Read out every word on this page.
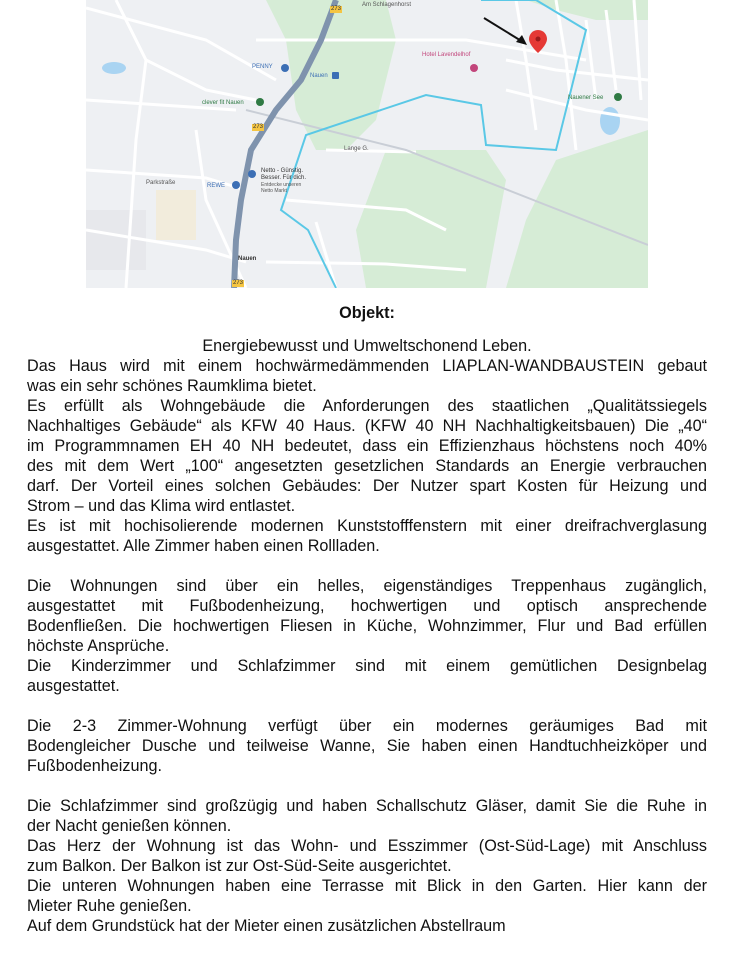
Am Schlagenhorst
PENNY
Nauen
clever fit Nauen
Netto - Günstig.
Besser. Für dich.
Entdecke unseren
Netto Markt
REWE
Hotel Lavendelhof
Nauener See
Nauen
Parkstraße
Lange G.
273
273
273
Objekt:
Energiebewusst und Umweltschonend Leben.
Das Haus wird mit einem hochwärmedämmenden LIAPLAN-WANDBAUSTEIN gebaut
was ein sehr schönes Raumklima bietet.
Es erfüllt als Wohngebäude die Anforderungen des staatlichen „Qualitätssiegels
Nachhaltiges Gebäude“ als KFW 40 Haus. (KFW 40 NH Nachhaltigkeitsbauen) Die „40“
im Programmnamen EH 40 NH bedeutet, dass ein Effizienzhaus höchstens noch 40%
des mit dem Wert „100“ angesetzten gesetzlichen Standards an Energie verbrauchen
darf. Der Vorteil eines solchen Gebäudes: Der Nutzer spart Kosten für Heizung und
Strom – und das Klima wird entlastet.
Es ist mit hochisolierende modernen Kunststofffenstern mit einer dreifrachverglasung
ausgestattet. Alle Zimmer haben einen Rollladen.
Die Wohnungen sind über ein helles, eigenständiges Treppenhaus zugänglich,
ausgestattet mit Fußbodenheizung, hochwertigen und optisch ansprechende
Bodenfließen. Die hochwertigen Fliesen in Küche, Wohnzimmer, Flur und Bad erfüllen
höchste Ansprüche.
Die Kinderzimmer und Schlafzimmer sind mit einem gemütlichen Designbelag
ausgestattet.
Die 2-3 Zimmer-Wohnung verfügt über ein modernes geräumiges Bad mit
Bodengleicher Dusche und teilweise Wanne, Sie haben einen Handtuchheizköper und
Fußbodenheizung.
Die Schlafzimmer sind großzügig und haben Schallschutz Gläser, damit Sie die Ruhe in
der Nacht genießen können.
Das Herz der Wohnung ist das Wohn- und Esszimmer (Ost-Süd-Lage) mit Anschluss
zum Balkon. Der Balkon ist zur Ost-Süd-Seite ausgerichtet.
Die unteren Wohnungen haben eine Terrasse mit Blick in den Garten. Hier kann der
Mieter Ruhe genießen.
Auf dem Grundstück hat der Mieter einen zusätzlichen Abstellraum
